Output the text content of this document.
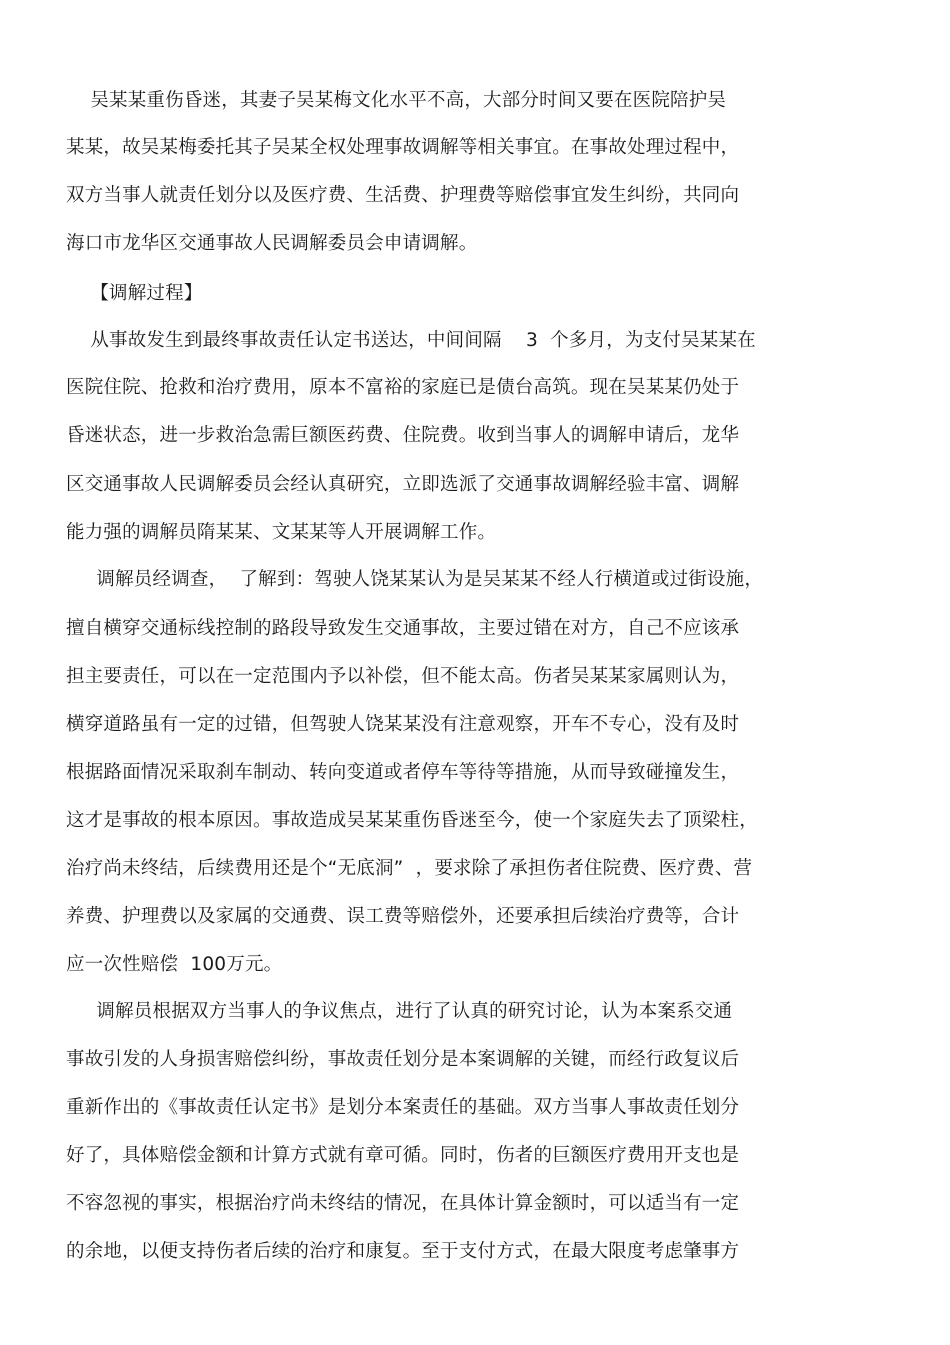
吴某某重伤昏迷，其妻子吴某梅文化水平不高，大部分时间又要在医院陪护吴
某某，故吴某梅委托其子吴某全权处理事故调解等相关事宜。在事故处理过程中，
双方当事人就责任划分以及医疗费、生活费、护理费等赔偿事宜发生纠纷，共同向
海口市龙华区交通事故人民调解委员会申请调解。
【调解过程】
从事故发生到最终事故责任认定书送达，中间间隔    3  个多月，为支付吴某某在
医院住院、抢救和治疗费用，原本不富裕的家庭已是债台高筑。现在吴某某仍处于
昏迷状态，进一步救治急需巨额医药费、住院费。收到当事人的调解申请后，龙华
区交通事故人民调解委员会经认真研究，立即选派了交通事故调解经验丰富、调解
能力强的调解员隋某某、文某某等人开展调解工作。
调解员经调查，  了解到：驾驶人饶某某认为是吴某某不经人行横道或过街设施，
擅自横穿交通标线控制的路段导致发生交通事故，主要过错在对方，自己不应该承
担主要责任，可以在一定范围内予以补偿，但不能太高。伤者吴某某家属则认为，
横穿道路虽有一定的过错，但驾驶人饶某某没有注意观察，开车不专心，没有及时
根据路面情况采取刹车制动、转向变道或者停车等待等措施，从而导致碰撞发生，
这才是事故的根本原因。事故造成吴某某重伤昏迷至今，使一个家庭失去了顶梁柱，
治疗尚未终结，后续费用还是个“无底洞”  ，要求除了承担伤者住院费、医疗费、营
养费、护理费以及家属的交通费、误工费等赔偿外，还要承担后续治疗费等，合计
应一次性赔偿  100万元。
调解员根据双方当事人的争议焦点，进行了认真的研究讨论，认为本案系交通
事故引发的人身损害赔偿纠纷，事故责任划分是本案调解的关键，而经行政复议后
重新作出的《事故责任认定书》是划分本案责任的基础。双方当事人事故责任划分
好了，具体赔偿金额和计算方式就有章可循。同时，伤者的巨额医疗费用开支也是
不容忽视的事实，根据治疗尚未终结的情况，在具体计算金额时，可以适当有一定
的余地，以便支持伤者后续的治疗和康复。至于支付方式，在最大限度考虑肇事方
